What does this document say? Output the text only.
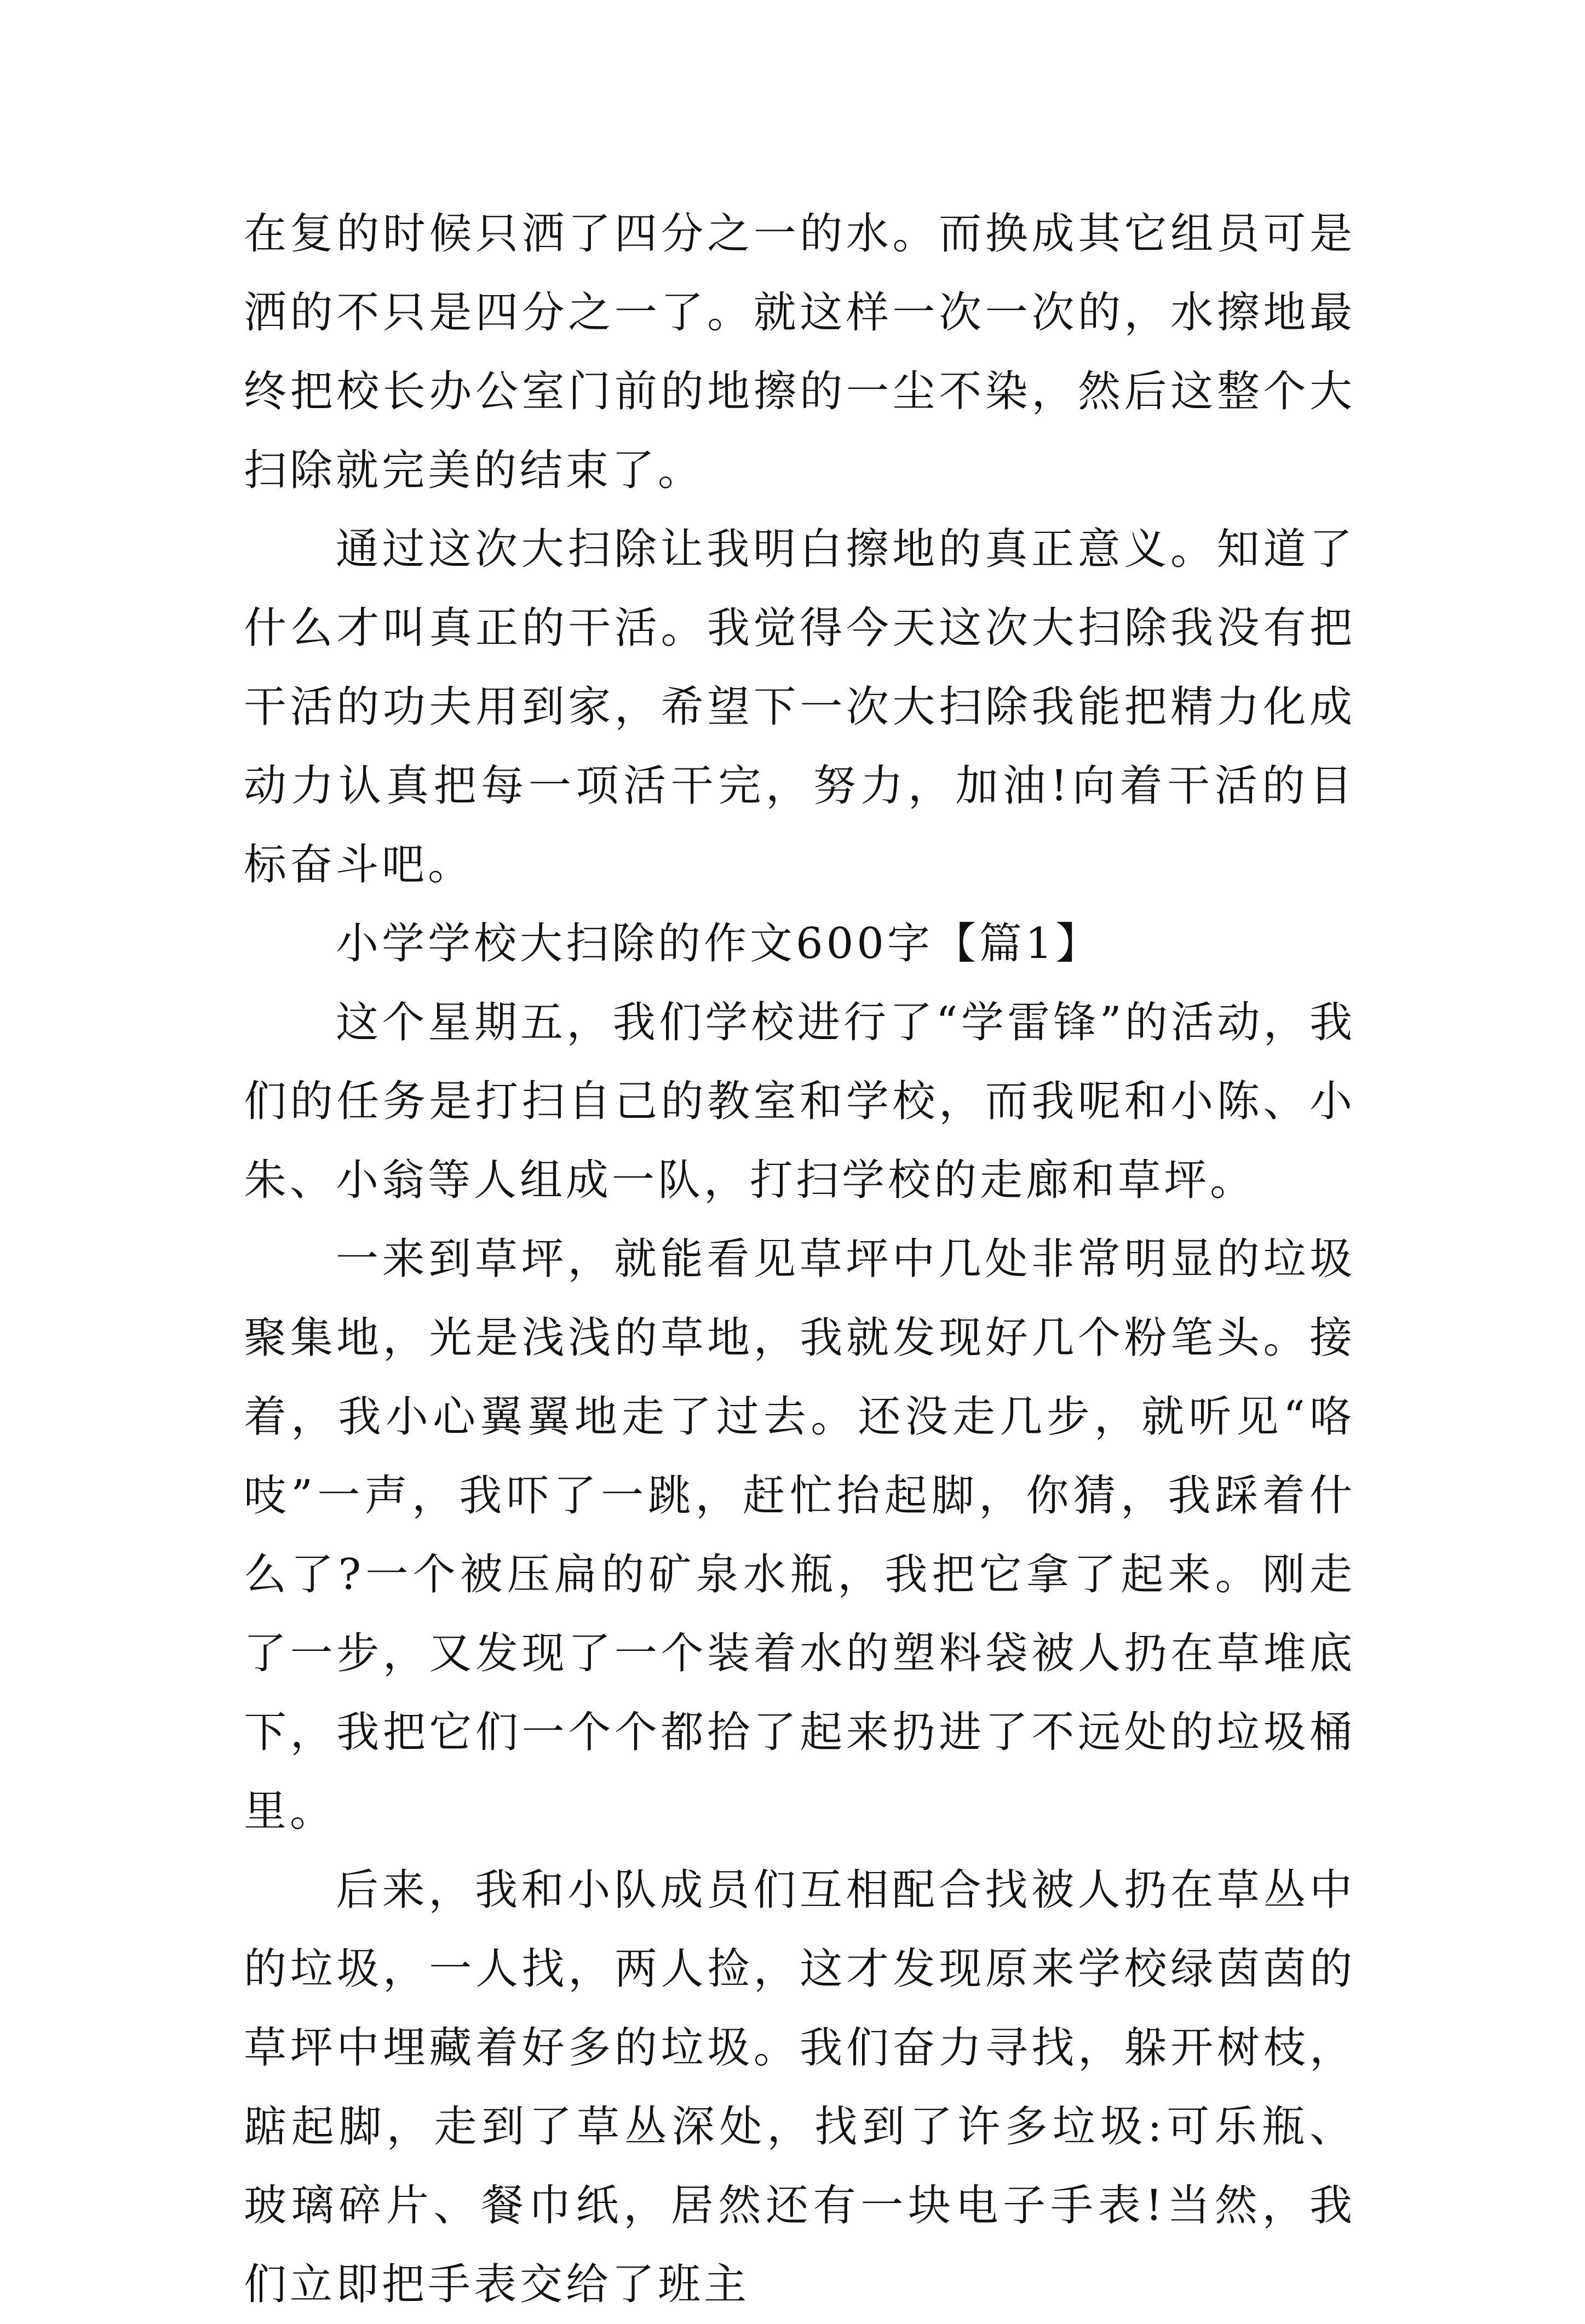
在复的时候只洒了四分之一的水。而换成其它组员可是洒的不只是四分之一了。就这样一次一次的，水擦地最终把校长办公室门前的地擦的一尘不染，然后这整个大扫除就完美的结束了。

通过这次大扫除让我明白擦地的真正意义。知道了什么才叫真正的干活。我觉得今天这次大扫除我没有把干活的功夫用到家，希望下一次大扫除我能把精力化成动力认真把每一项活干完，努力，加油!向着干活的目标奋斗吧。

小学学校大扫除的作文600字【篇1】

这个星期五，我们学校进行了“学雷锋”的活动，我们的任务是打扫自己的教室和学校，而我呢和小陈、小朱、小翁等人组成一队，打扫学校的走廊和草坪。

一来到草坪，就能看见草坪中几处非常明显的垃圾聚集地，光是浅浅的草地，我就发现好几个粉笔头。接着，我小心翼翼地走了过去。还没走几步，就听见“咯吱”一声，我吓了一跳，赶忙抬起脚，你猜，我踩着什么了?一个被压扁的矿泉水瓶，我把它拿了起来。刚走了一步，又发现了一个装着水的塑料袋被人扔在草堆底下，我把它们一个个都拾了起来扔进了不远处的垃圾桶里。

后来，我和小队成员们互相配合找被人扔在草丛中的垃圾，一人找，两人捡，这才发现原来学校绿茵茵的草坪中埋藏着好多的垃圾。我们奋力寻找，躲开树枝，踮起脚，走到了草丛深处，找到了许多垃圾:可乐瓶、玻璃碎片、餐巾纸，居然还有一块电子手表!当然，我们立即把手表交给了班主
